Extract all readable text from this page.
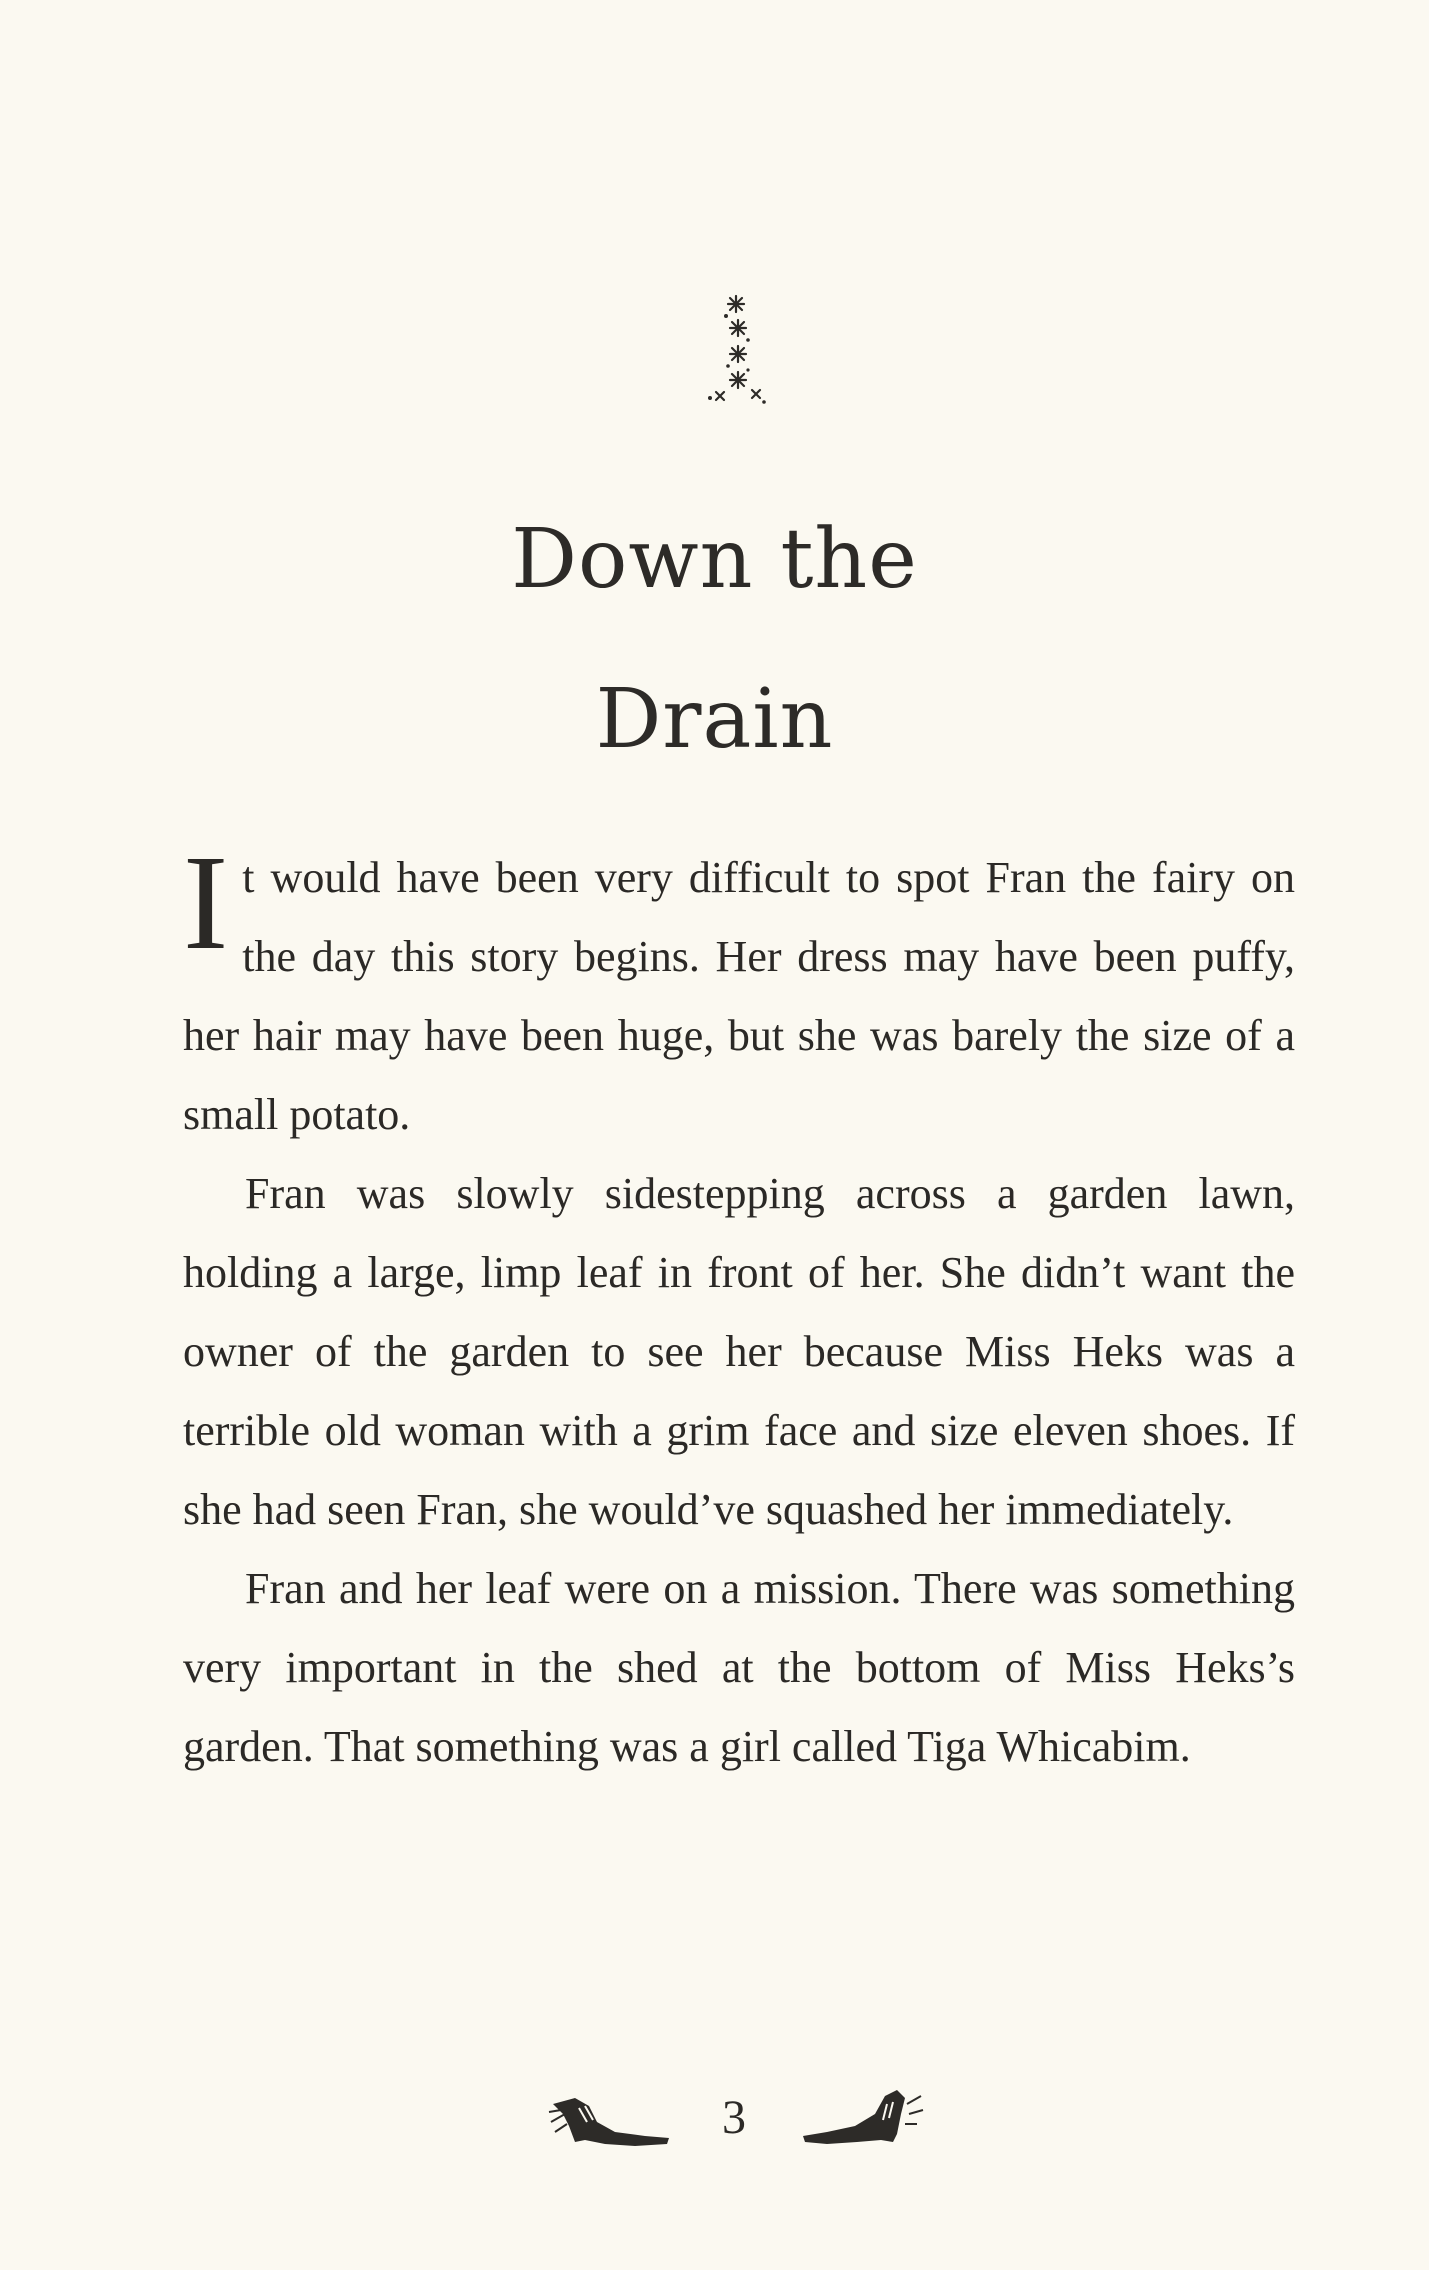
Down the
Drain

It would have been very difficult to spot Fran the fairy on the day this story begins. Her dress may have been puffy, her hair may have been huge, but she was barely the size of a small potato.

Fran was slowly sidestepping across a garden lawn, holding a large, limp leaf in front of her. She didn’t want the owner of the garden to see her because Miss Heks was a terrible old woman with a grim face and size eleven shoes. If she had seen Fran, she would’ve squashed her immediately.

Fran and her leaf were on a mission. There was something very important in the shed at the bottom of Miss Heks’s garden. That something was a girl called Tiga Whicabim.

3
